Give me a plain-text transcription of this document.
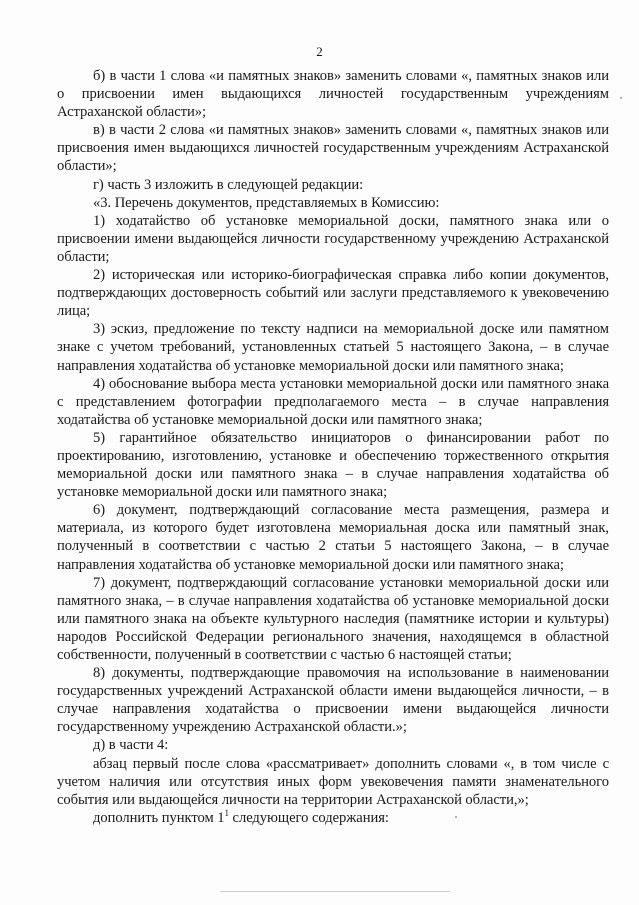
2

б) в части 1 слова «и памятных знаков» заменить словами «, памятных знаков или о присвоении имен выдающихся личностей государственным учреждениям Астраханской области»;

в) в части 2 слова «и памятных знаков» заменить словами «, памятных знаков или присвоения имен выдающихся личностей государственным учреждениям Астраханской области»;

г) часть 3 изложить в следующей редакции:

«3. Перечень документов, представляемых в Комиссию:

1) ходатайство об установке мемориальной доски, памятного знака или о присвоении имени выдающейся личности государственному учреждению Астраханской области;

2) историческая или историко-биографическая справка либо копии документов, подтверждающих достоверность событий или заслуги представляемого к увековечению лица;

3) эскиз, предложение по тексту надписи на мемориальной доске или памятном знаке с учетом требований, установленных статьей 5 настоящего Закона, – в случае направления ходатайства об установке мемориальной доски или памятного знака;

4) обоснование выбора места установки мемориальной доски или памятного знака с представлением фотографии предполагаемого места – в случае направления ходатайства об установке мемориальной доски или памятного знака;

5) гарантийное обязательство инициаторов о финансировании работ по проектированию, изготовлению, установке и обеспечению торжественного открытия мемориальной доски или памятного знака – в случае направления ходатайства об установке мемориальной доски или памятного знака;

6) документ, подтверждающий согласование места размещения, размера и материала, из которого будет изготовлена мемориальная доска или памятный знак, полученный в соответствии с частью 2 статьи 5 настоящего Закона, – в случае направления ходатайства об установке мемориальной доски или памятного знака;

7) документ, подтверждающий согласование установки мемориальной доски или памятного знака, – в случае направления ходатайства об установке мемориальной доски или памятного знака на объекте культурного наследия (памятнике истории и культуры) народов Российской Федерации регионального значения, находящемся в областной собственности, полученный в соответствии с частью 6 настоящей статьи;

8) документы, подтверждающие правомочия на использование в наименовании государственных учреждений Астраханской области имени выдающейся личности, – в случае направления ходатайства о присвоении имени выдающейся личности государственному учреждению Астраханской области.»;

д) в части 4:

абзац первый после слова «рассматривает» дополнить словами «, в том числе с учетом наличия или отсутствия иных форм увековечения памяти знаменательного события или выдающейся личности на территории Астраханской области,»;

дополнить пунктом $1^1$ следующего содержания:
